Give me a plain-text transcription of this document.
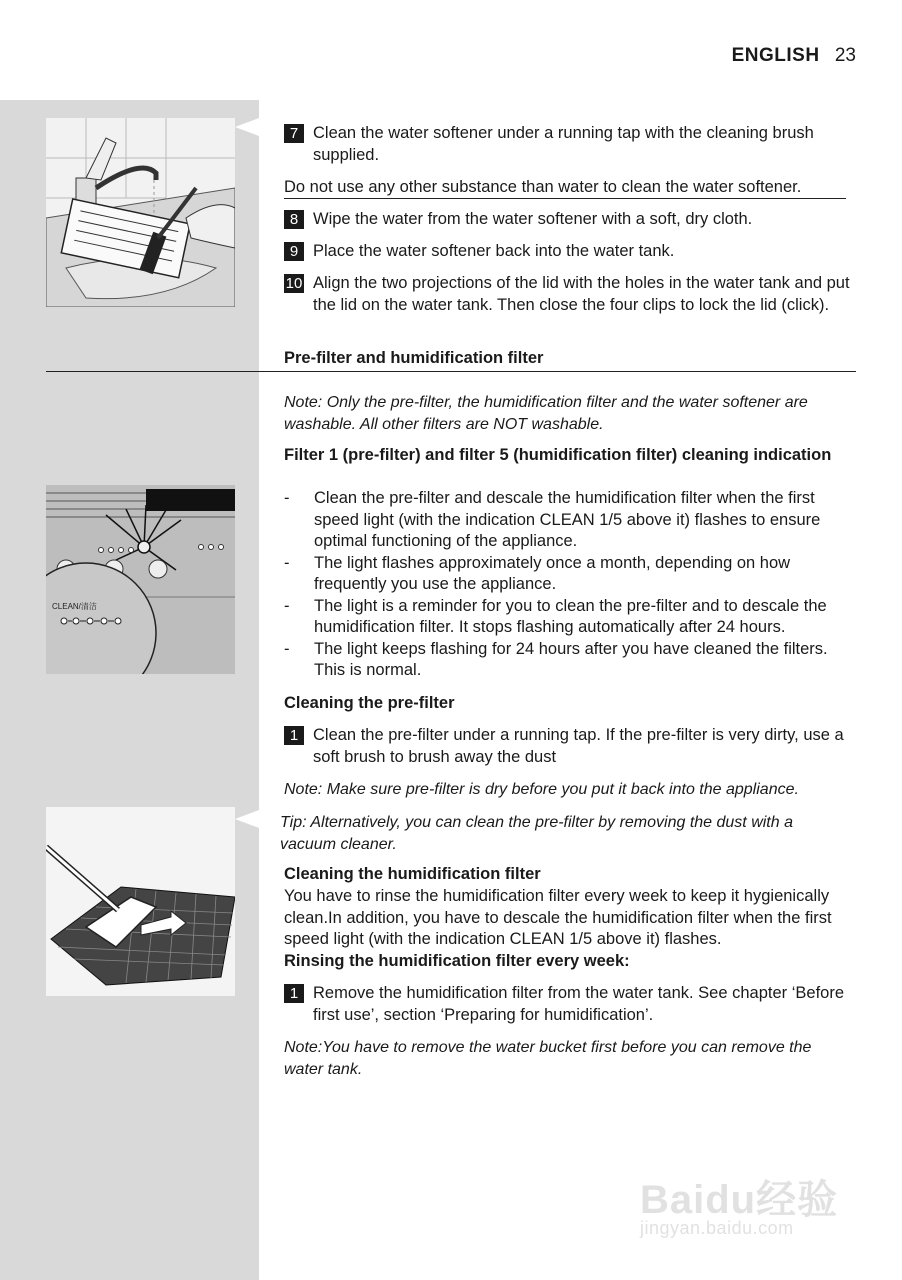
ENGLISH 23
CLEAN/清洁
7 Clean the water softener under a running tap with the cleaning brush supplied.
Do not use any other substance than water to clean the water softener.
8 Wipe the water from the water softener with a soft, dry cloth.
9 Place the water softener back into the water tank.
10 Align the two projections of the lid with the holes in the water tank and put the lid on the water tank. Then close the four clips to lock the lid (click).
Pre-filter and humidification filter
Note: Only the pre-filter, the humidification filter and the water softener are washable. All other filters are NOT washable.
Filter 1 (pre-filter) and filter 5 (humidification filter) cleaning indication
-	Clean the pre-filter and descale the humidification filter when the first speed light (with the indication CLEAN 1/5 above it) flashes to ensure optimal functioning of the appliance.
-	The light flashes approximately once a month, depending on how frequently you use the appliance.
-	The light is a reminder for you to clean the pre-filter and to descale the humidification filter. It stops flashing automatically after 24 hours.
-	The light keeps flashing for 24 hours after you have cleaned the filters. This is normal.
Cleaning the pre-filter
1 Clean the pre-filter under a running tap. If the pre-filter is very dirty, use a soft brush to brush away the dust
Note: Make sure pre-filter is dry before you put it back into the appliance.
Tip: Alternatively, you can clean the pre-filter by removing the dust with a vacuum cleaner.
Cleaning the humidification filter
You have to rinse the humidification filter every week to keep it hygienically clean.In addition, you have to descale the humidification filter when the first speed light (with the indication CLEAN 1/5 above it) flashes.
Rinsing the humidification filter every week:
1 Remove the humidification filter from the water tank. See chapter ‘Before first use’, section ‘Preparing for humidification’.
Note:You have to remove the water bucket first before you can remove the water tank.
Baidu经验
jingyan.baidu.com
